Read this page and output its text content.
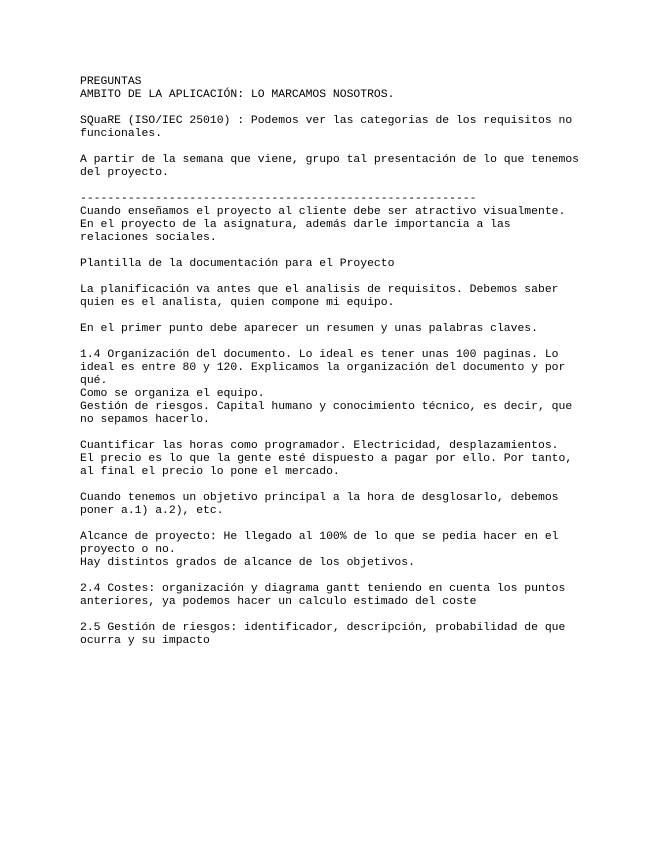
PREGUNTAS
AMBITO DE LA APLICACIÓN: LO MARCAMOS NOSOTROS.
SQuaRE (ISO/IEC 25010) : Podemos ver las categorias de los requisitos no
funcionales.
A partir de la semana que viene, grupo tal presentación de lo que tenemos
del proyecto.
----------------------------------------------------------
Cuando enseñamos el proyecto al cliente debe ser atractivo visualmente.
En el proyecto de la asignatura, además darle importancia a las
relaciones sociales.
Plantilla de la documentación para el Proyecto
La planificación va antes que el analisis de requisitos. Debemos saber
quien es el analista, quien compone mi equipo.
En el primer punto debe aparecer un resumen y unas palabras claves.
1.4 Organización del documento. Lo ideal es tener unas 100 paginas. Lo
ideal es entre 80 y 120. Explicamos la organización del documento y por
qué.
Como se organiza el equipo.
Gestión de riesgos. Capital humano y conocimiento técnico, es decir, que
no sepamos hacerlo.
Cuantificar las horas como programador. Electricidad, desplazamientos.
El precio es lo que la gente esté dispuesto a pagar por ello. Por tanto,
al final el precio lo pone el mercado.
Cuando tenemos un objetivo principal a la hora de desglosarlo, debemos
poner a.1) a.2), etc.
Alcance de proyecto: He llegado al 100% de lo que se pedia hacer en el
proyecto o no.
Hay distintos grados de alcance de los objetivos.
2.4 Costes: organización y diagrama gantt teniendo en cuenta los puntos
anteriores, ya podemos hacer un calculo estimado del coste
2.5 Gestión de riesgos: identificador, descripción, probabilidad de que
ocurra y su impacto
